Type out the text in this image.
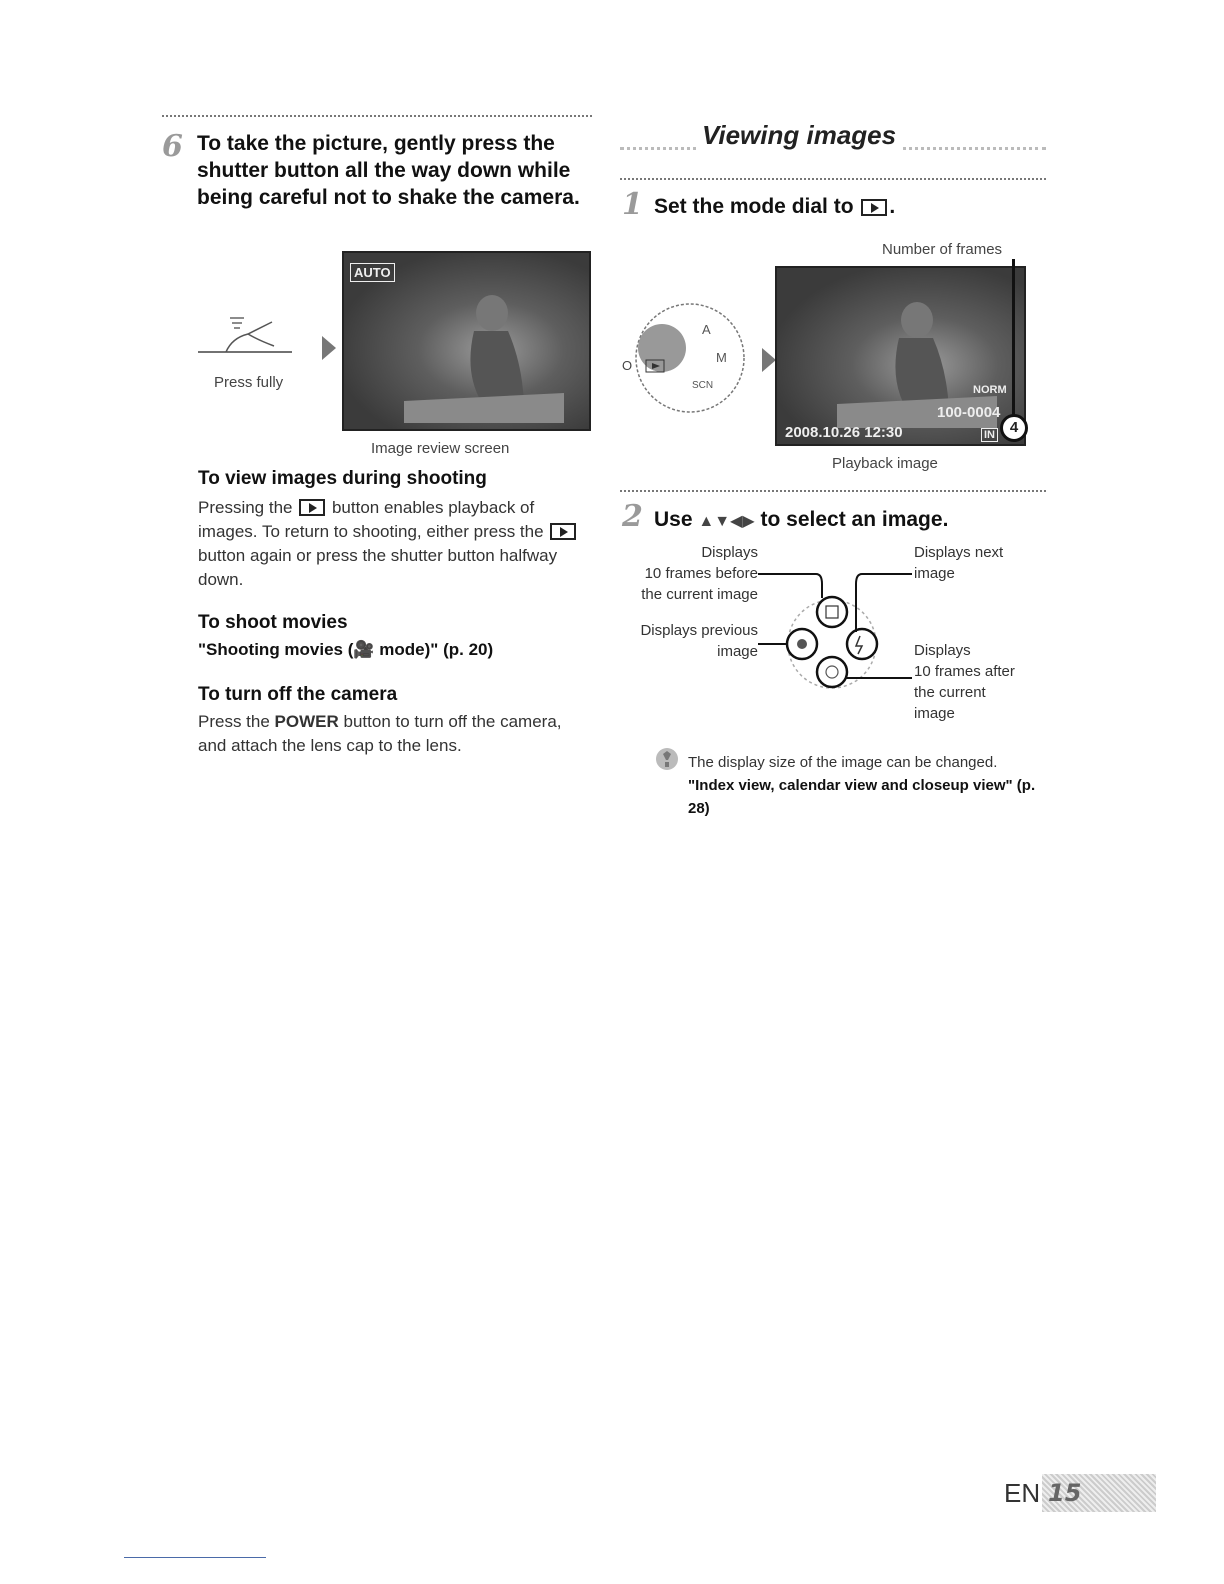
6 To take the picture, gently press the shutter button all the way down while being careful not to shake the camera.
Press fully
AUTO
Image review screen
To view images during shooting
Pressing the button enables playback of images. To return to shooting, either press the  button again or press the shutter button halfway down.
To shoot movies
"Shooting movies (🎥 mode)" (p. 20)
To turn off the camera
Press the POWER button to turn off the camera, and attach the lens cap to the lens.
Viewing images
1 Set the mode dial to .
Number of frames
O
A
M
SCN	NORM
100-0004
2008.10.26 12:30	IN 4
Playback image
2 Use ▲▼◀▶ to select an image.
Displays
10 frames before
the current image
Displays previous
image
Displays next
image
Displays
10 frames after
the current
image
The display size of the image can be changed. "Index view, calendar view and closeup view" (p. 28)
EN 15
